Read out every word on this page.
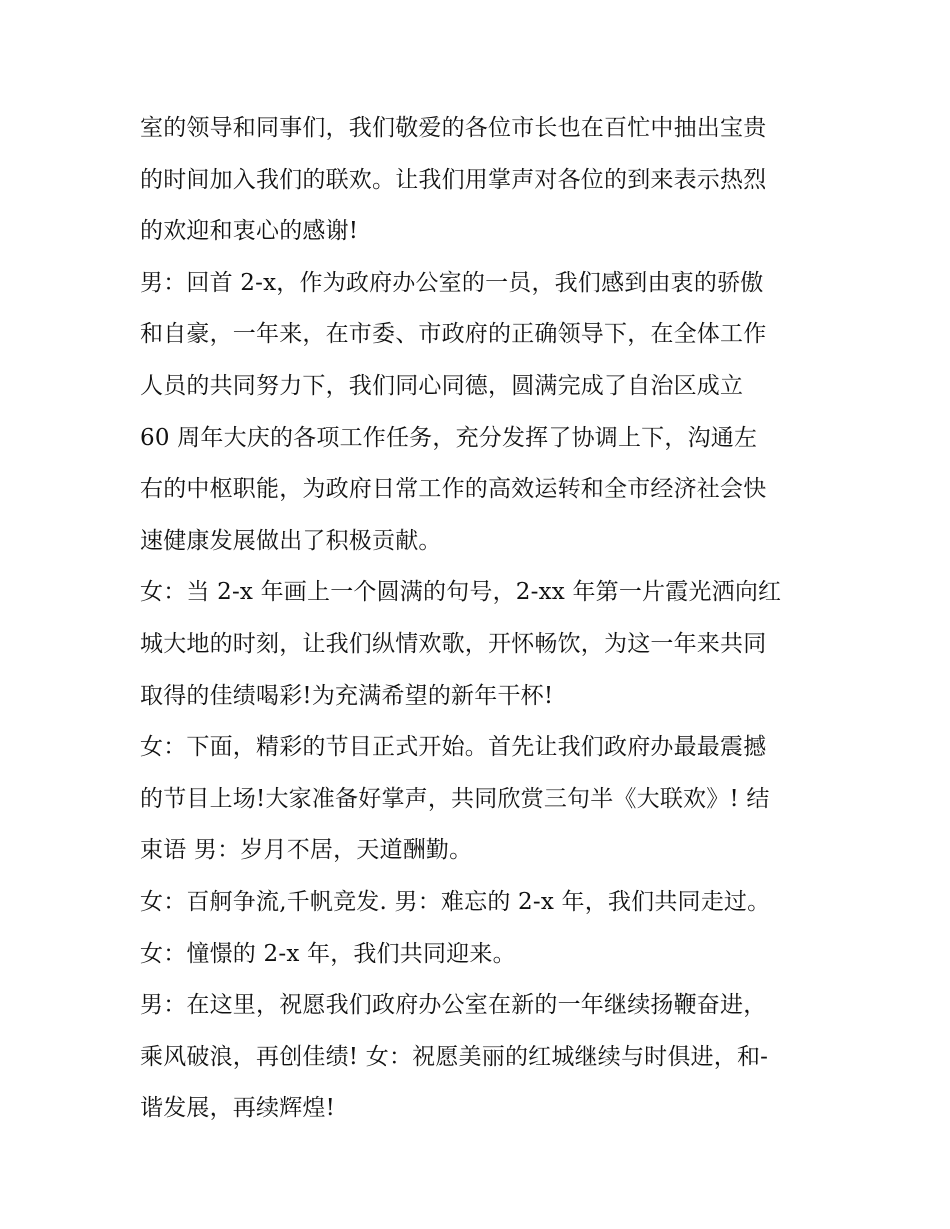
室的领导和同事们，我们敬爱的各位市长也在百忙中抽出宝贵
的时间加入我们的联欢。让我们用掌声对各位的到来表示热烈
的欢迎和衷心的感谢!
男：回首 2-x，作为政府办公室的一员，我们感到由衷的骄傲
和自豪，一年来，在市委、市政府的正确领导下，在全体工作
人员的共同努力下，我们同心同德，圆满完成了自治区成立
60 周年大庆的各项工作任务，充分发挥了协调上下，沟通左
右的中枢职能，为政府日常工作的高效运转和全市经济社会快
速健康发展做出了积极贡献。
女：当 2-x 年画上一个圆满的句号，2-xx 年第一片霞光洒向红
城大地的时刻，让我们纵情欢歌，开怀畅饮，为这一年来共同
取得的佳绩喝彩!为充满希望的新年干杯!
女：下面，精彩的节目正式开始。首先让我们政府办最最震撼
的节目上场!大家准备好掌声，共同欣赏三句半《大联欢》! 结
束语 男：岁月不居，天道酬勤。
女：百舸争流,千帆竞发. 男：难忘的 2-x 年，我们共同走过。
女：憧憬的 2-x 年，我们共同迎来。
男：在这里，祝愿我们政府办公室在新的一年继续扬鞭奋进，
乘风破浪，再创佳绩! 女：祝愿美丽的红城继续与时俱进，和-
谐发展，再续辉煌!
